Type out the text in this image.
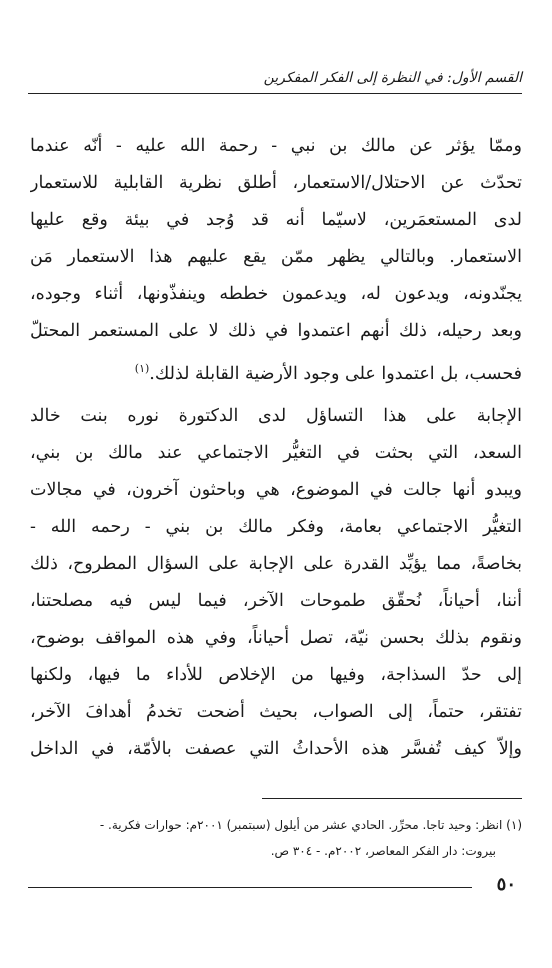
القسم الأول: في النظرة إلى الفكر المفكرين
وممّا يؤثر عن مالك بن نبي - رحمة الله عليه - أنّه عندما
تحدّث عن الاحتلال/الاستعمار، أطلق نظرية القابلية للاستعمار
لدى المستعمَرين، لاسيّما أنه قد وُجد في بيئة وقع عليها
الاستعمار. وبالتالي يظهر ممّن يقع عليهم هذا الاستعمار مَن
يجنّدونه، ويدعون له، ويدعمون خططه وينفذّونها، أثناء وجوده،
وبعد رحيله، ذلك أنهم اعتمدوا في ذلك لا على المستعمر المحتلّ
فحسب، بل اعتمدوا على وجود الأرضية القابلة لذلك.$^{(١)}$
الإجابة على هذا التساؤل لدى الدكتورة نوره بنت خالد
السعد، التي بحثت في التغيُّر الاجتماعي عند مالك بن بني،
ويبدو أنها جالت في الموضوع، هي وباحثون آخرون، في مجالات
التغيُّر الاجتماعي بعامة، وفكر مالك بن بني - رحمه الله -
بخاصةً، مما يؤيِّد القدرة على الإجابة على السؤال المطروح، ذلك
أننا، أحياناً، نُحقّق طموحات الآخر، فيما ليس فيه مصلحتنا،
ونقوم بذلك بحسن نيّة، تصل أحياناً، وفي هذه المواقف بوضوح،
إلى حدّ السذاجة، وفيها من الإخلاص للأداء ما فيها، ولكنها
تفتقر، حتماً، إلى الصواب، بحيث أضحت تخدمُ أهدافَ الآخر،
وإلاّ كيف تُفسَّر هذه الأحداثُ التي عصفت بالأمّة، في الداخل
(١) انظر: وحيد تاجا. محرِّر. الحادي عشر من أيلول (سبتمبر) ٢٠٠١م: حوارات فكرية. -
بيروت: دار الفكر المعاصر، ٢٠٠٢م. - ٣٠٤ ص.
٥٠
